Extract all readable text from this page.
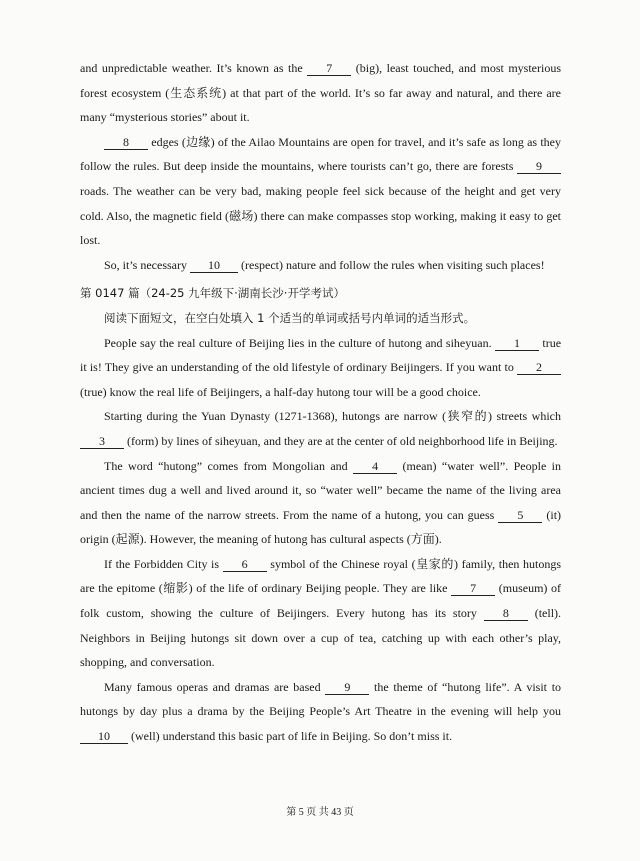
and unpredictable weather. It’s known as the 7 (big), least touched, and most mysterious forest ecosystem (生态系统) at that part of the world. It’s so far away and natural, and there are many “mysterious stories” about it.

8 edges (边缘) of the Ailao Mountains are open for travel, and it’s safe as long as they follow the rules. But deep inside the mountains, where tourists can’t go, there are forests 9 roads. The weather can be very bad, making people feel sick because of the height and get very cold. Also, the magnetic field (磁场) there can make compasses stop working, making it easy to get lost.

So, it’s necessary 10 (respect) nature and follow the rules when visiting such places!

第 0147 篇（24-25 九年级下·湖南长沙·开学考试）

阅读下面短文，在空白处填入 1 个适当的单词或括号内单词的适当形式。

People say the real culture of Beijing lies in the culture of hutong and siheyuan. 1 true it is! They give an understanding of the old lifestyle of ordinary Beijingers. If you want to 2 (true) know the real life of Beijingers, a half-day hutong tour will be a good choice.

Starting during the Yuan Dynasty (1271-1368), hutongs are narrow (狭窄的) streets which 3 (form) by lines of siheyuan, and they are at the center of old neighborhood life in Beijing.

The word “hutong” comes from Mongolian and 4 (mean) “water well”. People in ancient times dug a well and lived around it, so “water well” became the name of the living area and then the name of the narrow streets. From the name of a hutong, you can guess 5 (it) origin (起源). However, the meaning of hutong has cultural aspects (方面).

If the Forbidden City is 6 symbol of the Chinese royal (皇家的) family, then hutongs are the epitome (缩影) of the life of ordinary Beijing people. They are like 7 (museum) of folk custom, showing the culture of Beijingers. Every hutong has its story 8 (tell). Neighbors in Beijing hutongs sit down over a cup of tea, catching up with each other’s play, shopping, and conversation.

Many famous operas and dramas are based 9 the theme of “hutong life”. A visit to hutongs by day plus a drama by the Beijing People’s Art Theatre in the evening will help you 10 (well) understand this basic part of life in Beijing. So don’t miss it.

第 5 页 共 43 页
